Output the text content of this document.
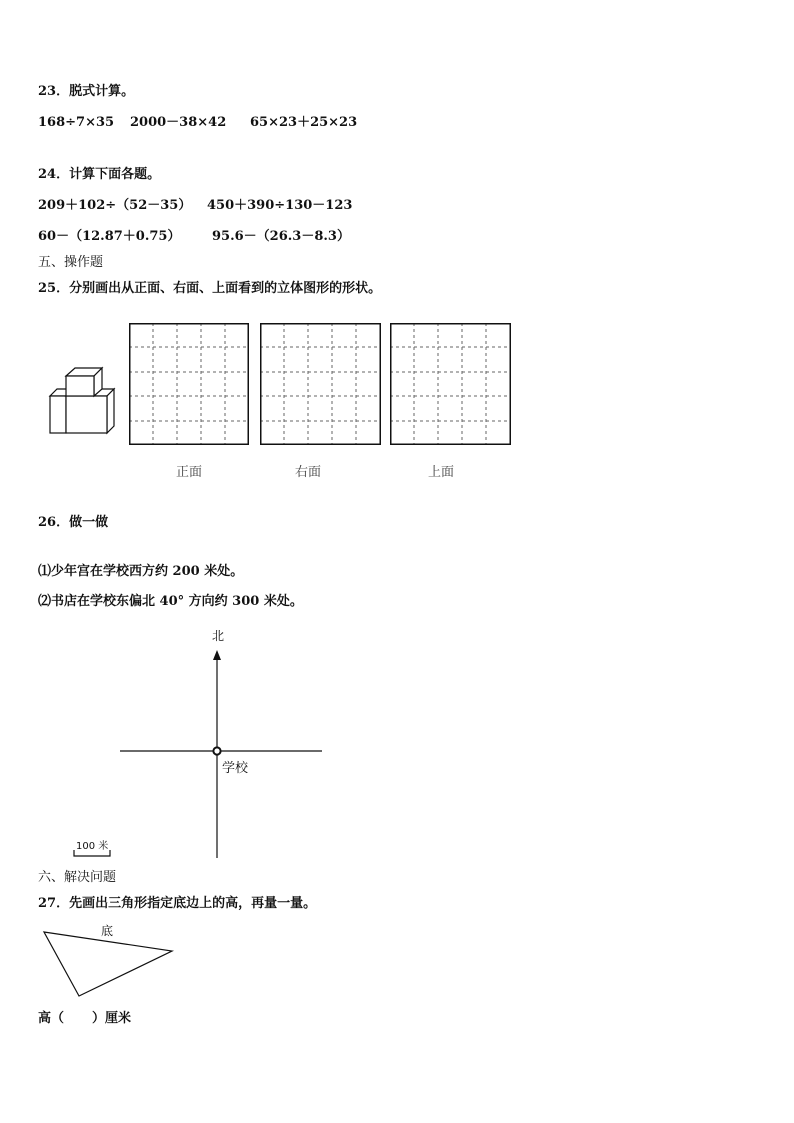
23．脱式计算。
168÷7×35 2000－38×42 65×23＋25×23
24．计算下面各题。
209＋102÷（52－35） 450＋390÷130－123
60－（12.87＋0.75） 95.6－（26.3－8.3）
五、操作题
25．分别画出从正面、右面、上面看到的立体图形的形状。
正面	右面	上面
26．做一做
⑴少年宫在学校西方约 200 米处。
⑵书店在学校东偏北 40° 方向约 300 米处。
北
学校
100 米
六、解决问题
27．先画出三角形指定底边上的高，再量一量。
底
高（ ）厘米
